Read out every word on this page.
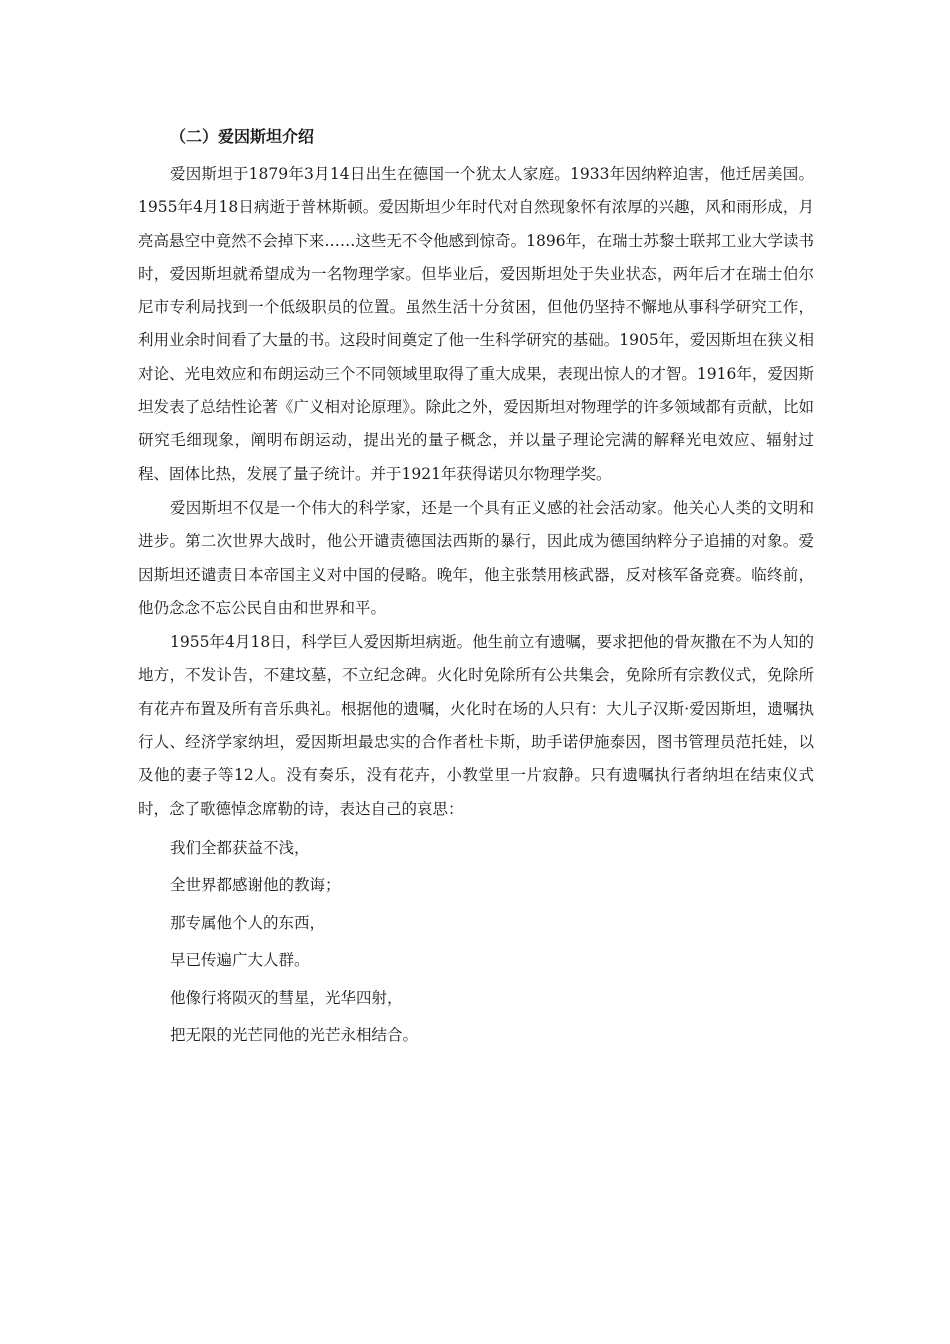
（二）爱因斯坦介绍

爱因斯坦于1879年3月14日出生在德国一个犹太人家庭。1933年因纳粹迫害，他迁居美国。1955年4月18日病逝于普林斯顿。爱因斯坦少年时代对自然现象怀有浓厚的兴趣，风和雨形成，月亮高悬空中竟然不会掉下来……这些无不令他感到惊奇。1896年，在瑞士苏黎士联邦工业大学读书时，爱因斯坦就希望成为一名物理学家。但毕业后，爱因斯坦处于失业状态，两年后才在瑞士伯尔尼市专利局找到一个低级职员的位置。虽然生活十分贫困，但他仍坚持不懈地从事科学研究工作，利用业余时间看了大量的书。这段时间奠定了他一生科学研究的基础。1905年，爱因斯坦在狭义相对论、光电效应和布朗运动三个不同领域里取得了重大成果，表现出惊人的才智。1916年，爱因斯坦发表了总结性论著《广义相对论原理》。除此之外，爱因斯坦对物理学的许多领域都有贡献，比如研究毛细现象，阐明布朗运动，提出光的量子概念，并以量子理论完满的解释光电效应、辐射过程、固体比热，发展了量子统计。并于1921年获得诺贝尔物理学奖。

爱因斯坦不仅是一个伟大的科学家，还是一个具有正义感的社会活动家。他关心人类的文明和进步。第二次世界大战时，他公开谴责德国法西斯的暴行，因此成为德国纳粹分子追捕的对象。爱因斯坦还谴责日本帝国主义对中国的侵略。晚年，他主张禁用核武器，反对核军备竞赛。临终前，他仍念念不忘公民自由和世界和平。

1955年4月18日，科学巨人爱因斯坦病逝。他生前立有遗嘱，要求把他的骨灰撒在不为人知的地方，不发讣告，不建坟墓，不立纪念碑。火化时免除所有公共集会，免除所有宗教仪式，免除所有花卉布置及所有音乐典礼。根据他的遗嘱，火化时在场的人只有：大儿子汉斯·爱因斯坦，遗嘱执行人、经济学家纳坦，爱因斯坦最忠实的合作者杜卡斯，助手诺伊施泰因，图书管理员范托娃，以及他的妻子等12人。没有奏乐，没有花卉，小教堂里一片寂静。只有遗嘱执行者纳坦在结束仪式时，念了歌德悼念席勒的诗，表达自己的哀思：

我们全都获益不浅，
全世界都感谢他的教诲；
那专属他个人的东西，
早已传遍广大人群。
他像行将陨灭的彗星，光华四射，
把无限的光芒同他的光芒永相结合。
